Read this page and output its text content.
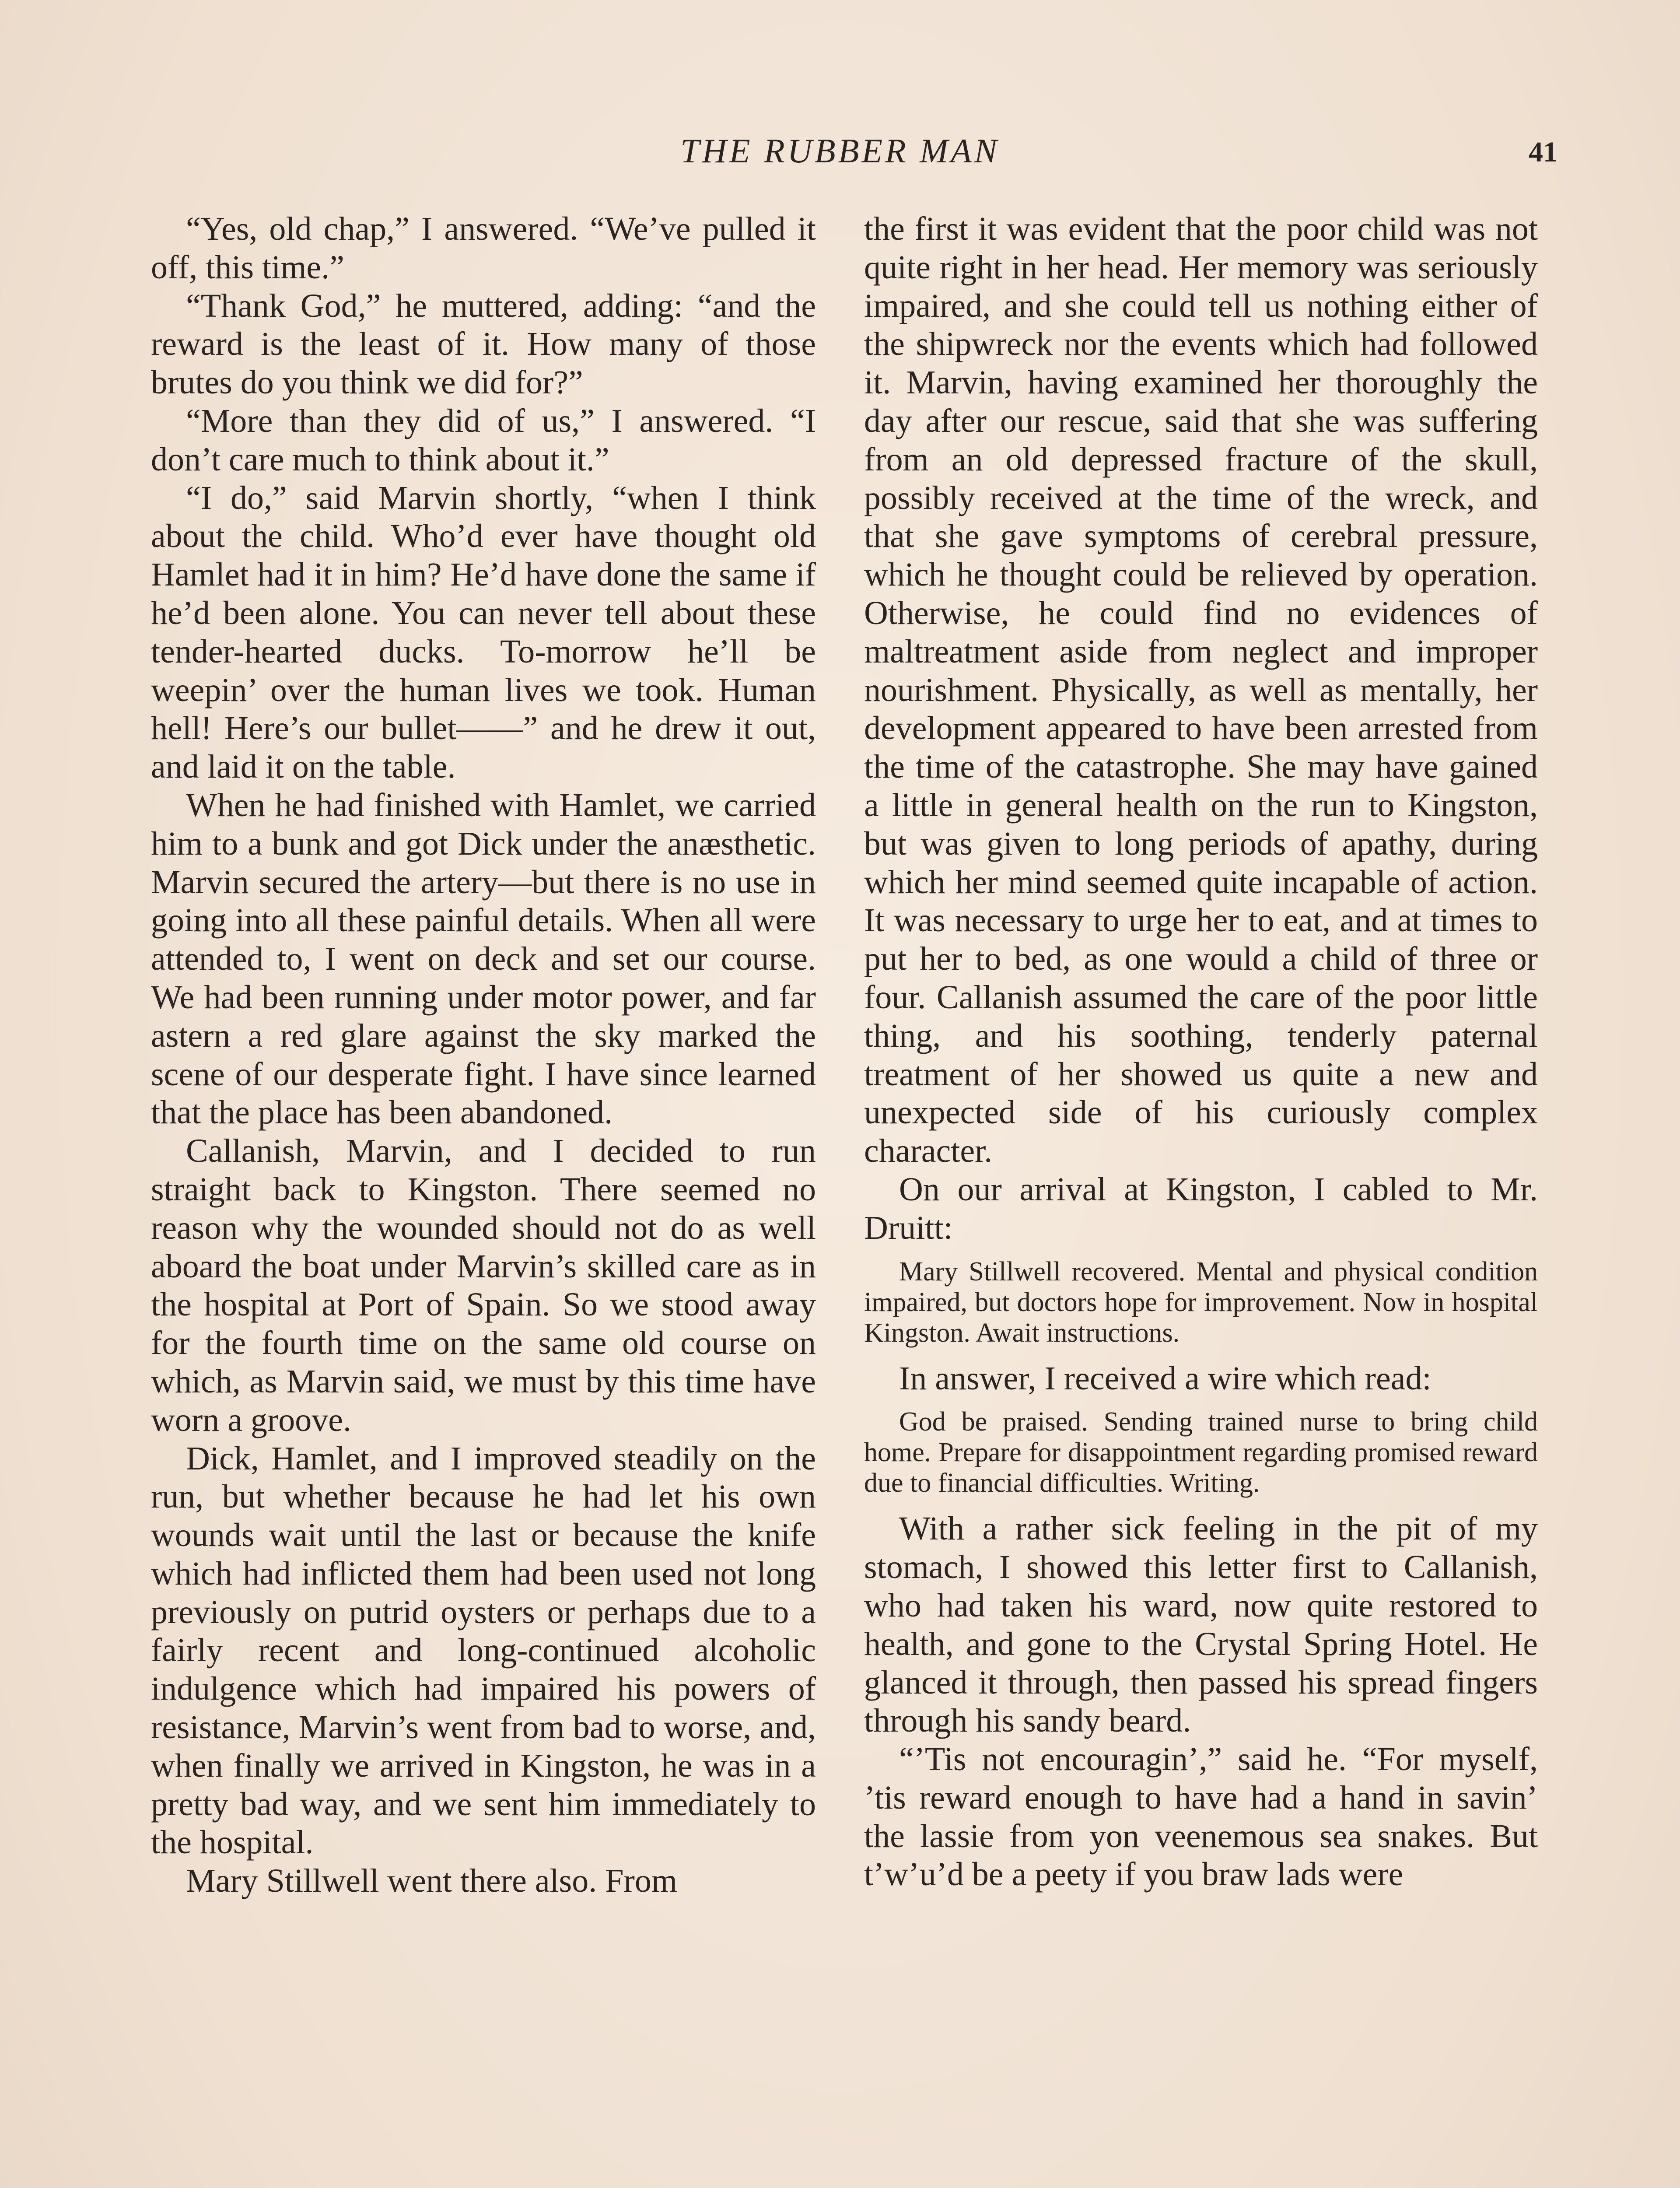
THE RUBBER MAN	41

“Yes, old chap,” I answered. “We’ve pulled it off, this time.”

“Thank God,” he muttered, adding: “and the reward is the least of it. How many of those brutes do you think we did for?”

“More than they did of us,” I answered. “I don’t care much to think about it.”

“I do,” said Marvin shortly, “when I think about the child. Who’d ever have thought old Hamlet had it in him? He’d have done the same if he’d been alone. You can never tell about these tender-hearted ducks. To-morrow he’ll be weepin’ over the human lives we took. Human hell! Here’s our bullet——” and he drew it out, and laid it on the table.

When he had finished with Hamlet, we carried him to a bunk and got Dick under the anæsthetic. Marvin secured the artery—but there is no use in going into all these painful details. When all were attended to, I went on deck and set our course. We had been running under motor power, and far astern a red glare against the sky marked the scene of our desperate fight. I have since learned that the place has been abandoned.

Callanish, Marvin, and I decided to run straight back to Kingston. There seemed no reason why the wounded should not do as well aboard the boat under Marvin’s skilled care as in the hospital at Port of Spain. So we stood away for the fourth time on the same old course on which, as Marvin said, we must by this time have worn a groove.

Dick, Hamlet, and I improved steadily on the run, but whether because he had let his own wounds wait until the last or because the knife which had inflicted them had been used not long previously on putrid oysters or perhaps due to a fairly recent and long-continued alcoholic indulgence which had impaired his powers of resistance, Marvin’s went from bad to worse, and, when finally we arrived in Kingston, he was in a pretty bad way, and we sent him immediately to the hospital.

Mary Stillwell went there also. From

the first it was evident that the poor child was not quite right in her head. Her memory was seriously impaired, and she could tell us nothing either of the shipwreck nor the events which had followed it. Marvin, having examined her thoroughly the day after our rescue, said that she was suffering from an old depressed fracture of the skull, possibly received at the time of the wreck, and that she gave symptoms of cerebral pressure, which he thought could be relieved by operation. Otherwise, he could find no evidences of maltreatment aside from neglect and improper nourishment. Physically, as well as mentally, her development appeared to have been arrested from the time of the catastrophe. She may have gained a little in general health on the run to Kingston, but was given to long periods of apathy, during which her mind seemed quite incapable of action. It was necessary to urge her to eat, and at times to put her to bed, as one would a child of three or four. Callanish assumed the care of the poor little thing, and his soothing, tenderly paternal treatment of her showed us quite a new and unexpected side of his curiously complex character.

On our arrival at Kingston, I cabled to Mr. Druitt:

Mary Stillwell recovered. Mental and physical condition impaired, but doctors hope for improvement. Now in hospital Kingston. Await instructions.

In answer, I received a wire which read:

God be praised. Sending trained nurse to bring child home. Prepare for disappointment regarding promised reward due to financial difficulties. Writing.

With a rather sick feeling in the pit of my stomach, I showed this letter first to Callanish, who had taken his ward, now quite restored to health, and gone to the Crystal Spring Hotel. He glanced it through, then passed his spread fingers through his sandy beard.

“’Tis not encouragin’,” said he. “For myself, ’tis reward enough to have had a hand in savin’ the lassie from yon veenemous sea snakes. But t’w’u’d be a peety if you braw lads were
